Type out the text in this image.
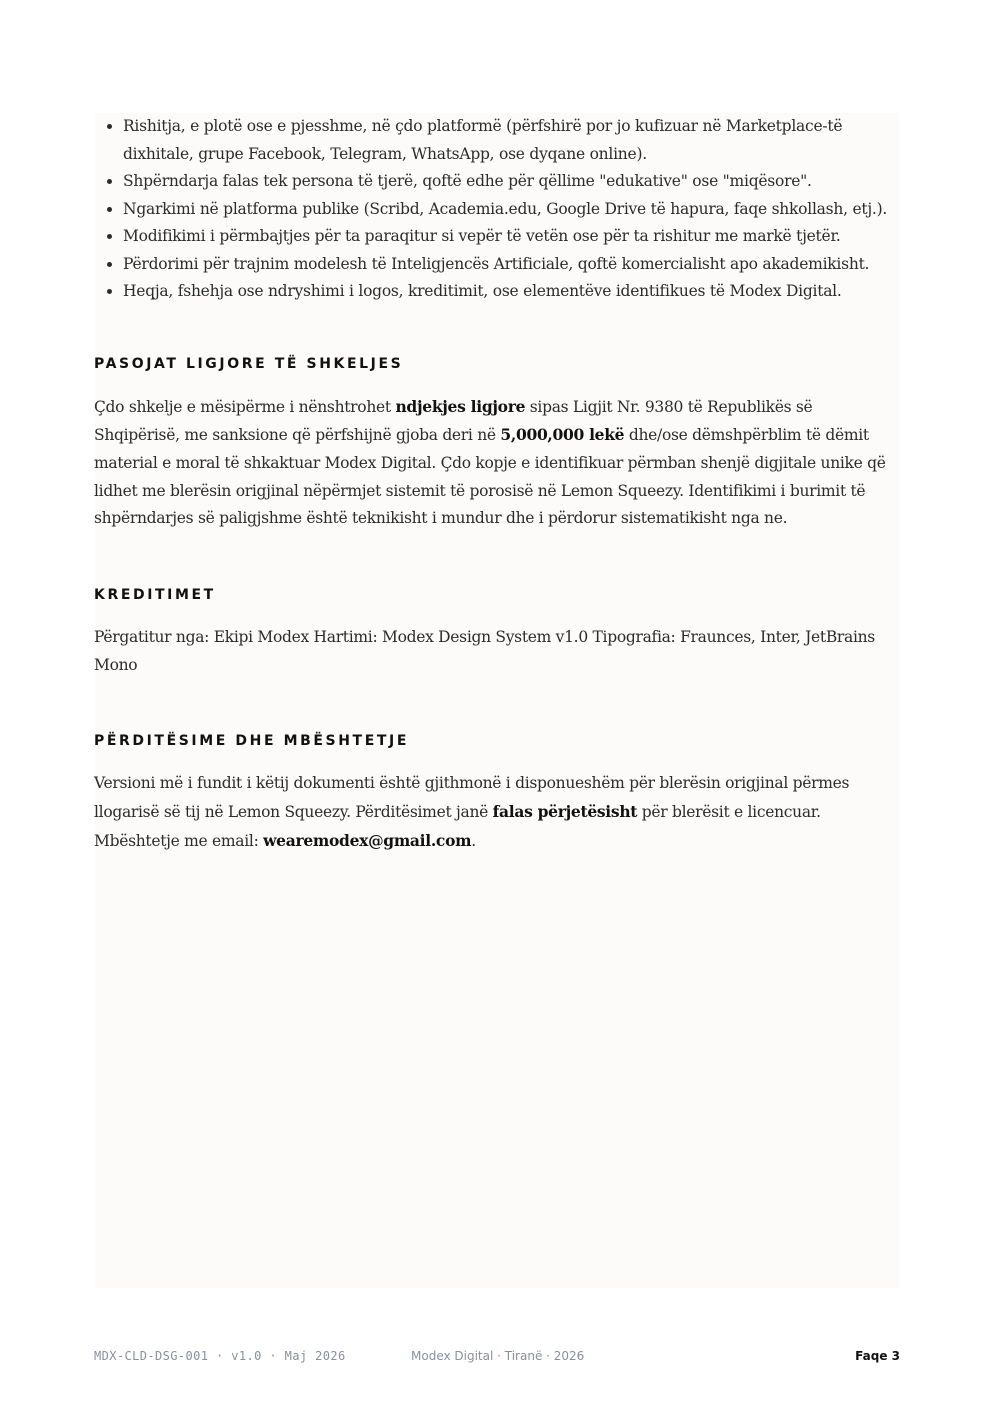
• Rishitja, e plotë ose e pjesshme, në çdo platformë (përfshirë por jo kufizuar në Marketplace-të dixhitale, grupe Facebook, Telegram, WhatsApp, ose dyqane online).
• Shpërndarja falas tek persona të tjerë, qoftë edhe për qëllime "edukative" ose "miqësore".
• Ngarkimi në platforma publike (Scribd, Academia.edu, Google Drive të hapura, faqe shkollash, etj.).
• Modifikimi i përmbajtjes për ta paraqitur si vepër të vetën ose për ta rishitur me markë tjetër.
• Përdorimi për trajnim modelesh të Inteligjencës Artificiale, qoftë komercialisht apo akademikisht.
• Heqja, fshehja ose ndryshimi i logos, kreditimit, ose elementëve identifikues të Modex Digital.
PASOJAT LIGJORE TË SHKELJES

Çdo shkelje e mësipërme i nënshtrohet ndjekjes ligjore sipas Ligjit Nr. 9380 të Republikës së Shqipërisë, me sanksione që përfshijnë gjoba deri në 5,000,000 lekë dhe/ose dëmshpërblim të dëmit material e moral të shkaktuar Modex Digital. Çdo kopje e identifikuar përmban shenjë digjitale unike që lidhet me blerësin origjinal nëpërmjet sistemit të porosisë në Lemon Squeezy. Identifikimi i burimit të shpërndarjes së paligjshme është teknikisht i mundur dhe i përdorur sistematikisht nga ne.

KREDITIMET

Përgatitur nga: Ekipi Modex Hartimi: Modex Design System v1.0 Tipografia: Fraunces, Inter, JetBrains Mono

PËRDITËSIME DHE MBËSHTETJE

Versioni më i fundit i këtij dokumenti është gjithmonë i disponueshëm për blerësin origjinal përmes llogarisë së tij në Lemon Squeezy. Përditësimet janë falas përjetësisht për blerësit e licencuar. Mbështetje me email: wearemodex@gmail.com.

MDX-CLD-DSG-001 · v1.0 · Maj 2026	Modex Digital · Tiranë · 2026	Faqe 3
